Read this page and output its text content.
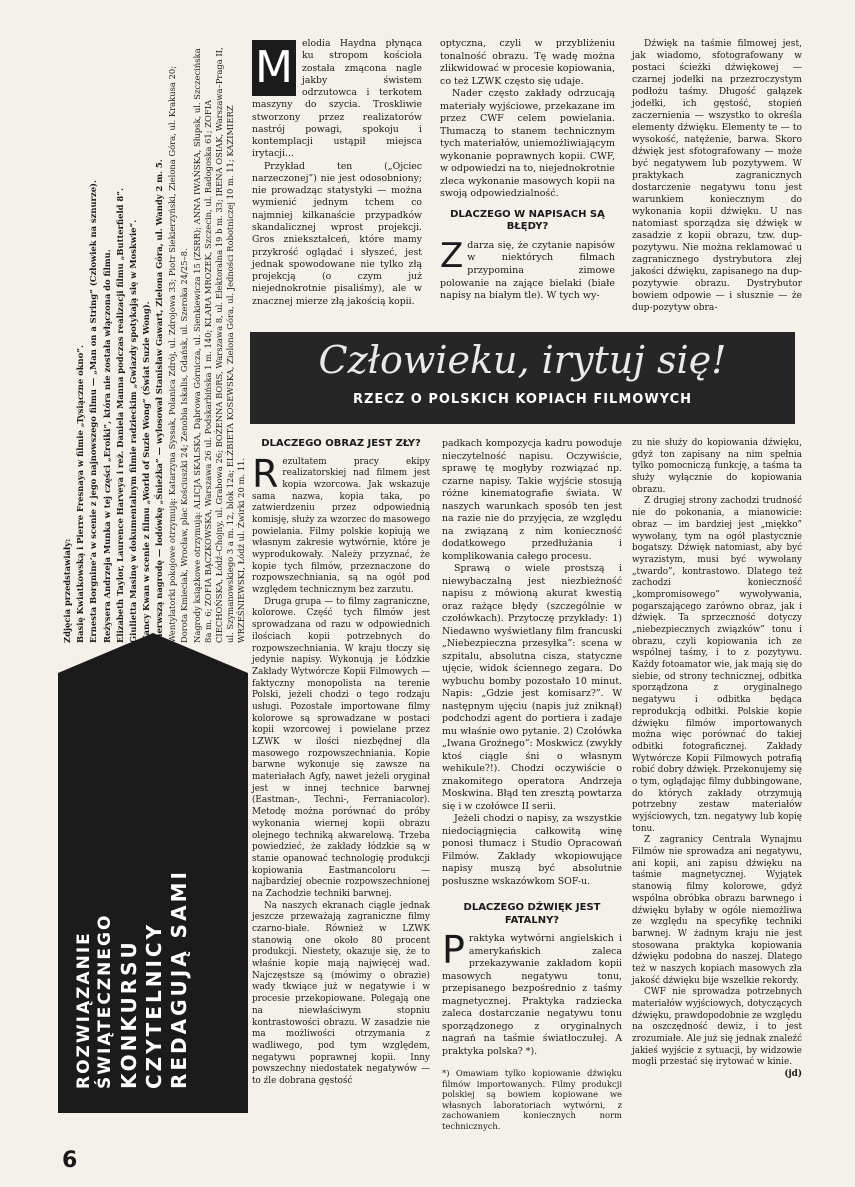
ROZWIĄZANIE ŚWIĄTECZNEGO KONKURSU CZYTELNICY REDAGUJĄ SAMI

Zdjęcia przedstawiały: Basię Kwiatkowską i Pierre Fresnaya w filmie „Tysiączne okno”. Ernesta Borgnine’a w scenie z jego najnowszego filmu — „Man on a String” (Człowiek na sznurze). Reżysera Andrzeja Munka w tej części „Eroiki”, która nie została włączona do filmu. Elizabeth Taylor, Laurence Harveya i reż. Daniela Manna podczas realizacji filmu „Butterfield 8”. Giulietta Masinę w dokumentalnym filmie radzieckim „Gwiazdy spotykają się w Moskwie”. Nancy Kwan w scenie z filmu „World of Suzie Wong” (Świat Suzie Wong). Pierwszą nagrodę — lodówkę „Śnieżka” — wylosował Stanisław Gawart, Zielona Góra, ul. Wandy 2 m. 5. Wentylatorki pokojowe otrzymują: Katarzyna Syssak, Polanica Zdrój, ul. Zdrojowa 33; Piotr Siekierzyński, Zielona Góra, ul. Krakusa 20; Dorota Kmieciak, Wrocław, plac Kościuszki 24; Zenobia Iskalis, Gdańsk, ul. Szeroka 24/25–8. Nagrody książkowe otrzymują: ALICJA SKALSKA, Dąbrowa Górnicza, ul. Sienkiewicza 15 (ZSRR); ANNA IWAŃSKA, Słupsk, ul. Szczecińska 8a m. 6; ZOFIA BĄCZKOWSKA, Warszawa 26 ul. Podskarbińska 1 m. 140; KLARA MROZEK, Szczecin, ul. Radogoska 61; ZOFIA CIECHOŃSKA, Łódź–Chojny, ul. Grabowa 26; BOŻENNA BORS, Warszawa 8, ul. Elektoralna 19 b m. 33; IRENA OSIAK, Warszawa–Praga II, ul. Szymanowskiego 3 a m. 12, blok 12a; ELŻBIETA KOSEWSKA, Zielona Góra, ul. Jedności Robotniczej 10 m. 11; KAZIMIERZ WRZEŚNIEWSKI, Łódź ul. Żwirki 20 m. 11.

M elodia Haydna płynąca ku stropom kościoła została zmącona nagle jakby świstem odrzutowca i terkotem maszyny do szycia. Troskliwie stworzony przez realizatorów nastrój powagi, spokoju i kontemplacji ustąpił miejsca irytacji...

Przykład ten („Ojciec narzeczonej”) nie jest odosobniony; nie prowadząc statystyki — można wymienić jednym tchem co najmniej kilkanaście przypadków skandalicznej wprost projekcji. Gros zniekształceń, które mamy przykrość oglądać i słyszeć, jest jednak spowodowane nie tylko złą projekcją (o czym już niejednokrotnie pisaliśmy), ale w znacznej mierze złą jakością kopii.

optyczna, czyli w przybliżeniu tonalność obrazu. Tę wadę można zlikwidować w procesie kopiowania, co też LZWK często się udaje.

Nader często zakłady odrzucają materiały wyjściowe, przekazane im przez CWF celem powielania. Tłumaczą to stanem technicznym tych materiałów, uniemożliwiającym wykonanie poprawnych kopii. CWF, w odpowiedzi na to, niejednokrotnie zleca wykonanie masowych kopii na swoją odpowiedzialność.

DLACZEGO W NAPISACH SĄ BŁĘDY?
Z darza się, że czytanie napisów w niektórych filmach przypomina zimowe polowanie na zające bielaki (białe napisy na białym tle). W tych wy-

Dźwięk na taśmie filmowej jest, jak wiadomo, sfotografowany w postaci ścieżki dźwiękowej — czarnej jodełki na przezroczystym podłożu taśmy. Długość gałązek jodełki, ich gęstość, stopień zaczernienia — wszystko to określa elementy dźwięku. Elementy te — to wysokość, natężenie, barwa. Skoro dźwięk jest sfotografowany — może być negatywem lub pozytywem. W praktykach zagranicznych dostarczenie negatywu tonu jest warunkiem koniecznym do wykonania kopii dźwięku. U nas natomiast sporządza się dźwięk w zasadzie z kopii obrazu, tzw. dup-pozytywu. Nie można reklamować u zagranicznego dystrybutora złej jakości dźwięku, zapisanego na dup-pozytywie obrazu. Dystrybutor bowiem odpowie — i słusznie — że dup-pozytyw obra-

Człowieku, irytuj się!
RZECZ O POLSKICH KOPIACH FILMOWYCH
DLACZEGO OBRAZ JEST ZŁY?
R ezultatem pracy ekipy realizatorskiej nad filmem jest kopia wzorcowa. Jak wskazuje sama nazwa, kopia taka, po zatwierdzeniu przez odpowiednią komisję, służy za wzorzec do masowego powielania. Filmy polskie kopiują we własnym zakresie wytwórnie, które je wyprodukowały. Należy przyznać, że kopie tych filmów, przeznaczone do rozpowszechniania, są na ogół pod względem technicznym bez zarzutu.

Druga grupa — to filmy zagraniczne, kolorowe. Część tych filmów jest sprowadzana od razu w odpowiednich ilościach kopii potrzebnych do rozpowszechniania. W kraju tłoczy się jedynie napisy. Wykonują je Łódzkie Zakłady Wytwórcze Kopii Filmowych — faktyczny monopolista na terenie Polski, jeżeli chodzi o tego rodzaju usługi. Pozostałe importowane filmy kolorowe są sprowadzane w postaci kopii wzorcowej i powielane przez LZWK w ilości niezbędnej dla masowego rozpowszechniania. Kopie barwne wykonuje się zawsze na materiałach Agfy, nawet jeżeli oryginał jest w innej technice barwnej (Eastman-, Techni-, Ferraniacolor). Metodę można porównać do próby wykonania wiernej kopii obrazu olejnego techniką akwarelową. Trzeba powiedzieć, że zakłady łódzkie są w stanie opanować technologię produkcji kopiowania Eastmancoloru — najbardziej obecnie rozpowszechnionej na Zachodzie techniki barwnej.

Na naszych ekranach ciągle jednak jeszcze przeważają zagraniczne filmy czarno-białe. Również w LZWK stanowią one około 80 procent produkcji. Niestety, okazuje się, że to właśnie kopie mają najwięcej wad. Najczęstsze są (mówimy o obrazie) wady tkwiące już w negatywie i w procesie przekopiowane. Polegają one na niewłaściwym stopniu kontrastowości obrazu. W zasadzie nie ma możliwości otrzymania z wadliwego, pod tym względem, negatywu poprawnej kopii. Inny powszechny niedostatek negatywów — to źle dobrana gęstość

padkach kompozycja kadru powoduje nieczytelność napisu. Oczywiście, sprawę tę mogłyby rozwiązać np. czarne napisy. Takie wyjście stosują różne kinematografie świata. W naszych warunkach sposób ten jest na razie nie do przyjęcia, ze względu na związaną z nim konieczność dodatkowego przedłużania i komplikowania całego procesu.

Sprawą o wiele prostszą i niewybaczalną jest niezbieżność napisu z mówioną akurat kwestią oraz rażące błędy (szczególnie w czołówkach). Przytoczę przykłady: 1) Niedawno wyświetlany film francuski „Niebezpieczna przesyłka”: scena w szpitalu, absolutna cisza, statyczne ujęcie, widok ściennego zegara. Do wybuchu bomby pozostało 10 minut. Napis: „Gdzie jest komisarz?”. W następnym ujęciu (napis już zniknął) podchodzi agent do portiera i zadaje mu właśnie owo pytanie. 2) Czołówka „Iwana Groźnego”: Moskwicz (zwykły ktoś ciągle śni o własnym wehikule?!). Chodzi oczywiście o znakomitego operatora Andrzeja Moskwina. Błąd ten zresztą powtarza się i w czołówce II serii.

Jeżeli chodzi o napisy, za wszystkie niedociągnięcia całkowitą winę ponosi tłumacz i Studio Opracowań Filmów. Zakłady wkopiowujące napisy muszą być absolutnie posłuszne wskazówkom SOF-u.

DLACZEGO DŹWIĘK JEST FATALNY?
P raktyka wytwórni angielskich i amerykańskich zaleca przekazywanie zakładom kopii masowych negatywu tonu, przepisanego bezpośrednio z taśmy magnetycznej. Praktyka radziecka zaleca dostarczanie negatywu tonu sporządzonego z oryginalnych nagrań na taśmie światłoczułej. A praktyka polska? *).
*) Omawiam tylko kopiowanie dźwięku filmów importowanych. Filmy produkcji polskiej są bowiem kopiowane we własnych laboratoriach wytwórni, z zachowaniem koniecznych norm technicznych.

zu nie służy do kopiowania dźwięku, gdyż ton zapisany na nim spełnia tylko pomocniczą funkcję, a taśma ta służy wyłącznie do kopiowania obrazu.

Z drugiej strony zachodzi trudność nie do pokonania, a mianowicie: obraz — im bardziej jest „miękko” wywołany, tym na ogół plastycznie bogatszy. Dźwięk natomiast, aby być wyrazistym, musi być wywołany „twardo”, kontrastowo. Dlatego też zachodzi konieczność „kompromisowego” wywoływania, pogarszającego zarówno obraz, jak i dźwięk. Ta sprzeczność dotyczy „niebezpiecznych związków” tonu i obrazu, czyli kopiowania ich ze wspólnej taśmy, i to z pozytywu. Każdy fotoamator wie, jak mają się do siebie, od strony technicznej, odbitka sporządzona z oryginalnego negatywu i odbitka będąca reprodukcją odbitki. Polskie kopie dźwięku filmów importowanych można więc porównać do takiej odbitki fotograficznej. Zakłady Wytwórcze Kopii Filmowych potrafią robić dobry dźwięk. Przekonujemy się o tym, oglądając filmy dubbingowane, do których zakłady otrzymują potrzebny zestaw materiałów wyjściowych, tzn. negatywy lub kopię tonu.

Z zagranicy Centrala Wynajmu Filmów nie sprowadza ani negatywu, ani kopii, ani zapisu dźwięku na taśmie magnetycznej. Wyjątek stanowią filmy kolorowe, gdyż wspólna obróbka obrazu barwnego i dźwięku byłaby w ogóle niemożliwa ze względu na specyfikę techniki barwnej. W żadnym kraju nie jest stosowana praktyka kopiowania dźwięku podobna do naszej. Dlatego też w naszych kopiach masowych zła jakość dźwięku bije wszelkie rekordy.

CWF nie sprowadza potrzebnych materiałów wyjściowych, dotyczących dźwięku, prawdopodobnie ze względu na oszczędność dewiz, i to jest zrozumiałe. Ale już się jednak znaleźć jakieś wyjście z sytuacji, by widzowie mogli przestać się irytować w kinie.

(jd)
6
